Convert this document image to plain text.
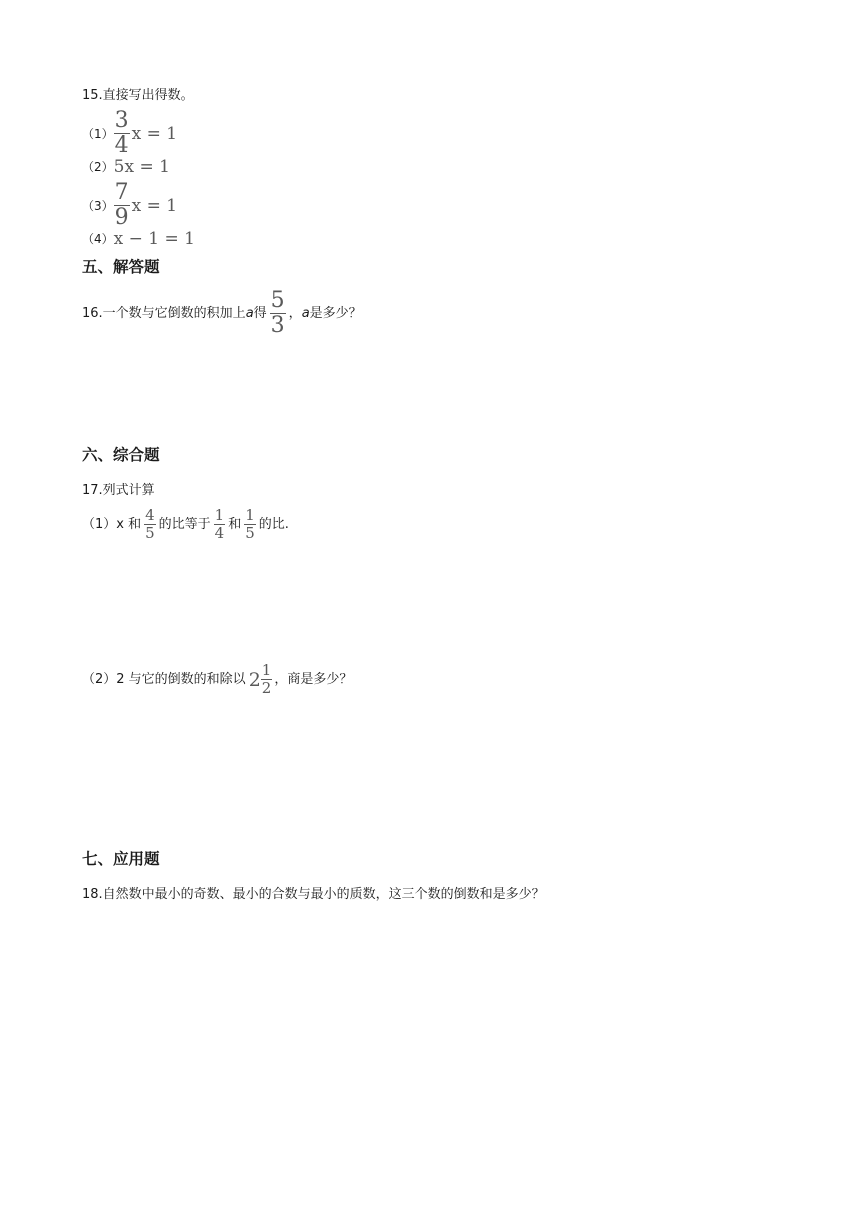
15.直接写出得数。
$(1) \frac{3}{4}$ x = 1
（2） 5x = 1
$(3) \frac{7}{9}$ x = 1
（4） x − 1 = 1
五、解答题
16.一个数与它倒数的积加上 a 得 $\frac{5}{3}$ ， a 是多少？
六、综合题
17.列式计算
（1）x 和 $\frac{4}{5}$ 的比等于 $\frac{1}{4}$ 和 $\frac{1}{5}$ 的比.
（2）2 与它的倒数的和除以 $2 \frac{1}{2}$ ，商是多少？
七、应用题
18.自然数中最小的奇数、最小的合数与最小的质数，这三个数的倒数和是多少？
